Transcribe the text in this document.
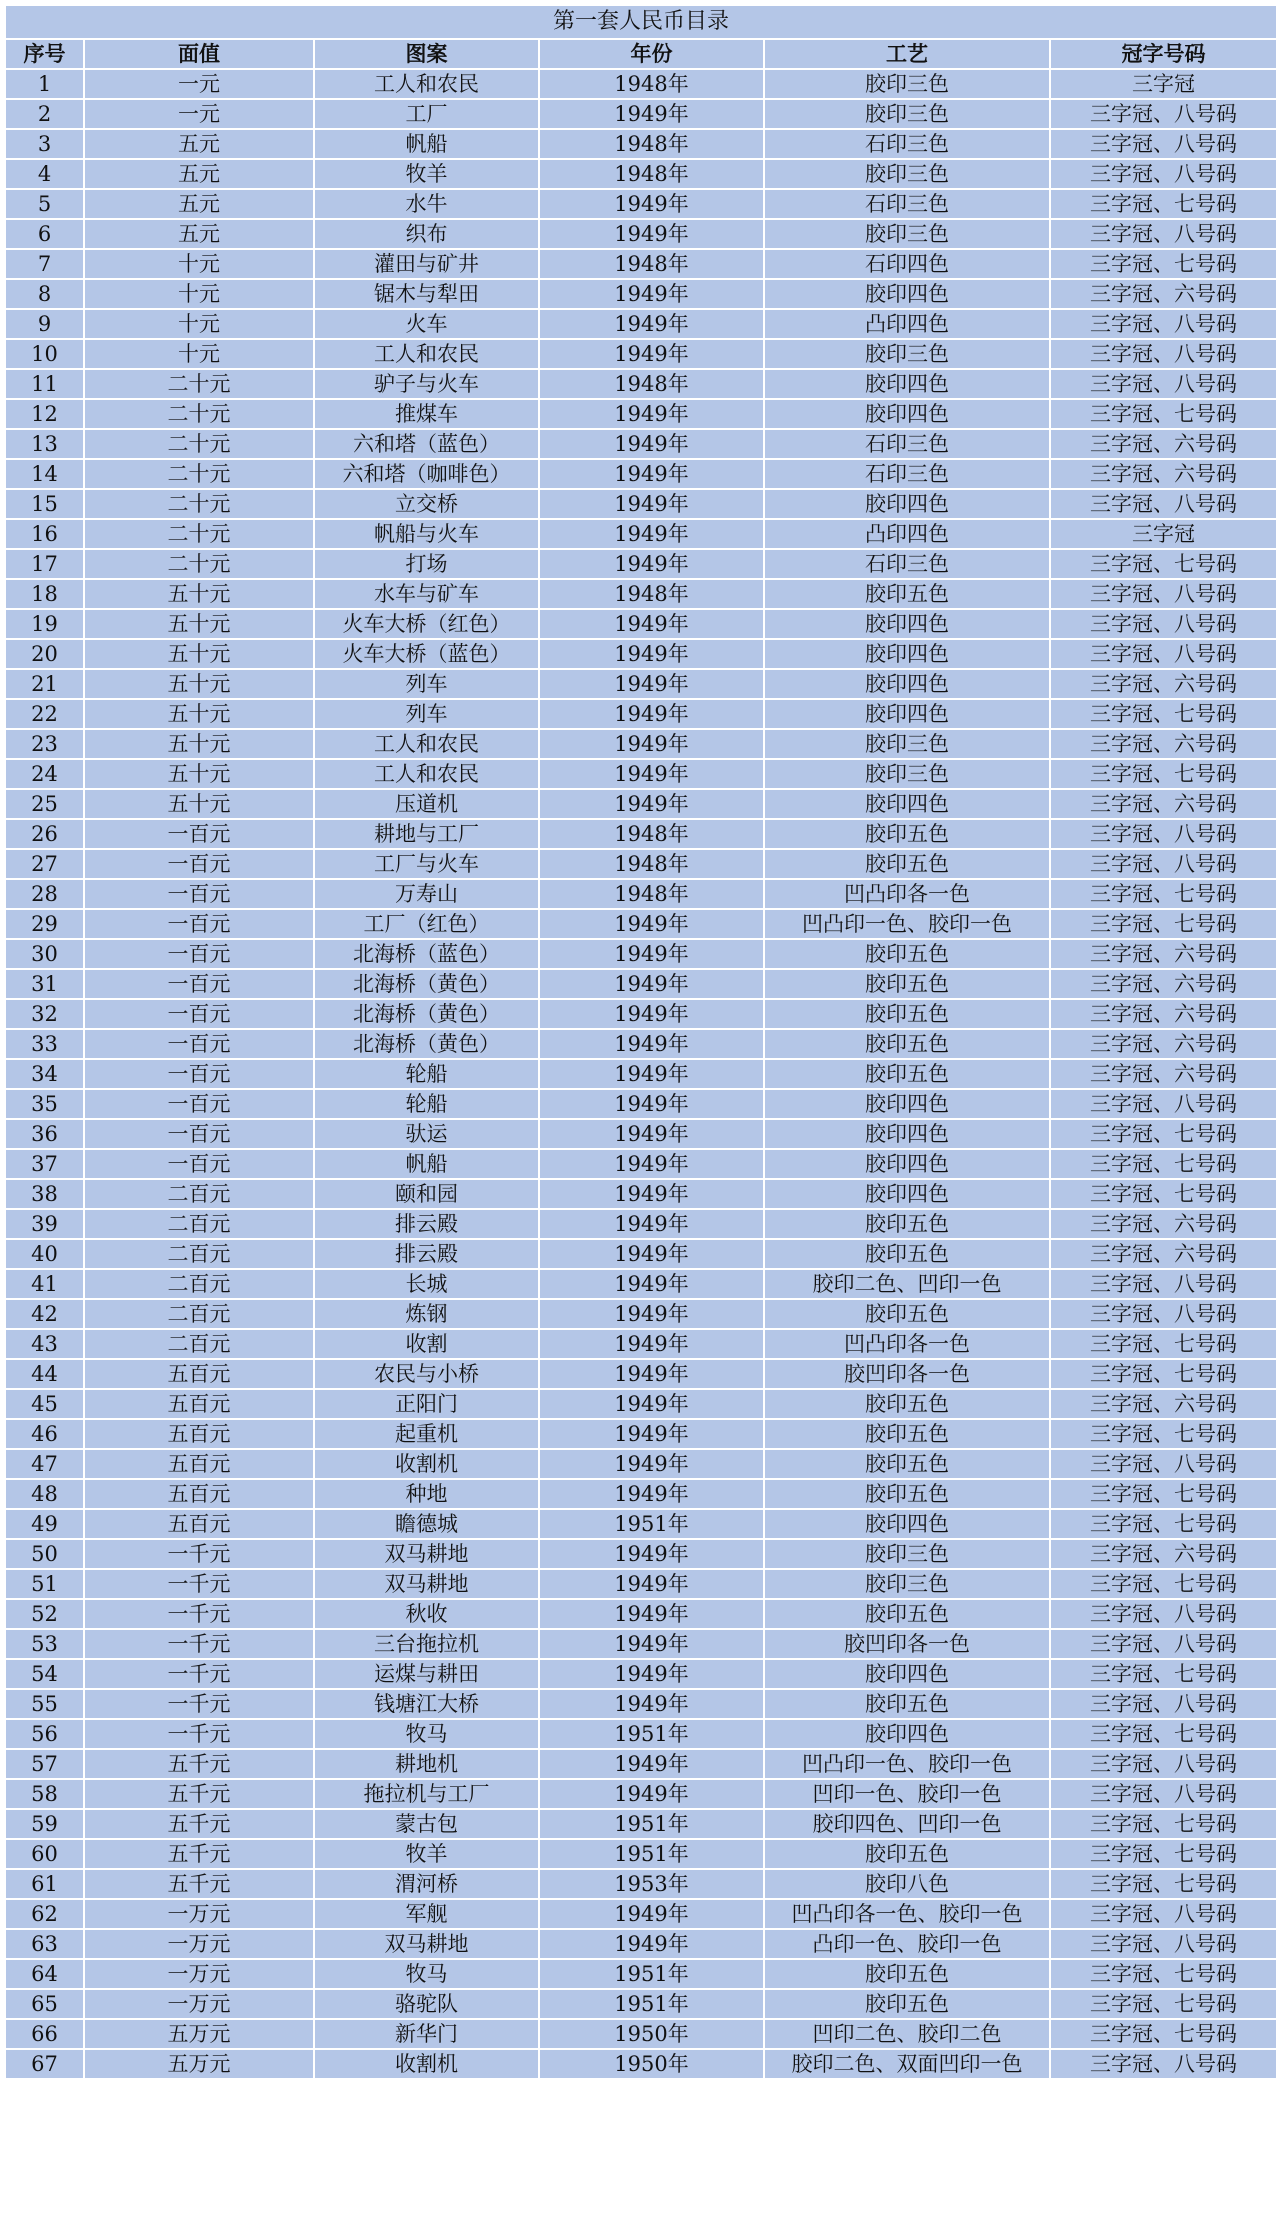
第一套人民币目录
序号	面值	图案	年份	工艺	冠字号码
1	一元	工人和农民	1948年	胶印三色	三字冠
2	一元	工厂	1949年	胶印三色	三字冠、八号码
3	五元	帆船	1948年	石印三色	三字冠、八号码
4	五元	牧羊	1948年	胶印三色	三字冠、八号码
5	五元	水牛	1949年	石印三色	三字冠、七号码
6	五元	织布	1949年	胶印三色	三字冠、八号码
7	十元	灌田与矿井	1948年	石印四色	三字冠、七号码
8	十元	锯木与犁田	1949年	胶印四色	三字冠、六号码
9	十元	火车	1949年	凸印四色	三字冠、八号码
10	十元	工人和农民	1949年	胶印三色	三字冠、八号码
11	二十元	驴子与火车	1948年	胶印四色	三字冠、八号码
12	二十元	推煤车	1949年	胶印四色	三字冠、七号码
13	二十元	六和塔（蓝色）	1949年	石印三色	三字冠、六号码
14	二十元	六和塔（咖啡色）	1949年	石印三色	三字冠、六号码
15	二十元	立交桥	1949年	胶印四色	三字冠、八号码
16	二十元	帆船与火车	1949年	凸印四色	三字冠
17	二十元	打场	1949年	石印三色	三字冠、七号码
18	五十元	水车与矿车	1948年	胶印五色	三字冠、八号码
19	五十元	火车大桥（红色）	1949年	胶印四色	三字冠、八号码
20	五十元	火车大桥（蓝色）	1949年	胶印四色	三字冠、八号码
21	五十元	列车	1949年	胶印四色	三字冠、六号码
22	五十元	列车	1949年	胶印四色	三字冠、七号码
23	五十元	工人和农民	1949年	胶印三色	三字冠、六号码
24	五十元	工人和农民	1949年	胶印三色	三字冠、七号码
25	五十元	压道机	1949年	胶印四色	三字冠、六号码
26	一百元	耕地与工厂	1948年	胶印五色	三字冠、八号码
27	一百元	工厂与火车	1948年	胶印五色	三字冠、八号码
28	一百元	万寿山	1948年	凹凸印各一色	三字冠、七号码
29	一百元	工厂（红色）	1949年	凹凸印一色、胶印一色	三字冠、七号码
30	一百元	北海桥（蓝色）	1949年	胶印五色	三字冠、六号码
31	一百元	北海桥（黄色）	1949年	胶印五色	三字冠、六号码
32	一百元	北海桥（黄色）	1949年	胶印五色	三字冠、六号码
33	一百元	北海桥（黄色）	1949年	胶印五色	三字冠、六号码
34	一百元	轮船	1949年	胶印五色	三字冠、六号码
35	一百元	轮船	1949年	胶印四色	三字冠、八号码
36	一百元	驮运	1949年	胶印四色	三字冠、七号码
37	一百元	帆船	1949年	胶印四色	三字冠、七号码
38	二百元	颐和园	1949年	胶印四色	三字冠、七号码
39	二百元	排云殿	1949年	胶印五色	三字冠、六号码
40	二百元	排云殿	1949年	胶印五色	三字冠、六号码
41	二百元	长城	1949年	胶印二色、凹印一色	三字冠、八号码
42	二百元	炼钢	1949年	胶印五色	三字冠、八号码
43	二百元	收割	1949年	凹凸印各一色	三字冠、七号码
44	五百元	农民与小桥	1949年	胶凹印各一色	三字冠、七号码
45	五百元	正阳门	1949年	胶印五色	三字冠、六号码
46	五百元	起重机	1949年	胶印五色	三字冠、七号码
47	五百元	收割机	1949年	胶印五色	三字冠、八号码
48	五百元	种地	1949年	胶印五色	三字冠、七号码
49	五百元	瞻德城	1951年	胶印四色	三字冠、七号码
50	一千元	双马耕地	1949年	胶印三色	三字冠、六号码
51	一千元	双马耕地	1949年	胶印三色	三字冠、七号码
52	一千元	秋收	1949年	胶印五色	三字冠、八号码
53	一千元	三台拖拉机	1949年	胶凹印各一色	三字冠、八号码
54	一千元	运煤与耕田	1949年	胶印四色	三字冠、七号码
55	一千元	钱塘江大桥	1949年	胶印五色	三字冠、八号码
56	一千元	牧马	1951年	胶印四色	三字冠、七号码
57	五千元	耕地机	1949年	凹凸印一色、胶印一色	三字冠、八号码
58	五千元	拖拉机与工厂	1949年	凹印一色、胶印一色	三字冠、八号码
59	五千元	蒙古包	1951年	胶印四色、凹印一色	三字冠、七号码
60	五千元	牧羊	1951年	胶印五色	三字冠、七号码
61	五千元	渭河桥	1953年	胶印八色	三字冠、七号码
62	一万元	军舰	1949年	凹凸印各一色、胶印一色	三字冠、八号码
63	一万元	双马耕地	1949年	凸印一色、胶印一色	三字冠、八号码
64	一万元	牧马	1951年	胶印五色	三字冠、七号码
65	一万元	骆驼队	1951年	胶印五色	三字冠、七号码
66	五万元	新华门	1950年	凹印二色、胶印二色	三字冠、七号码
67	五万元	收割机	1950年	胶印二色、双面凹印一色	三字冠、八号码
